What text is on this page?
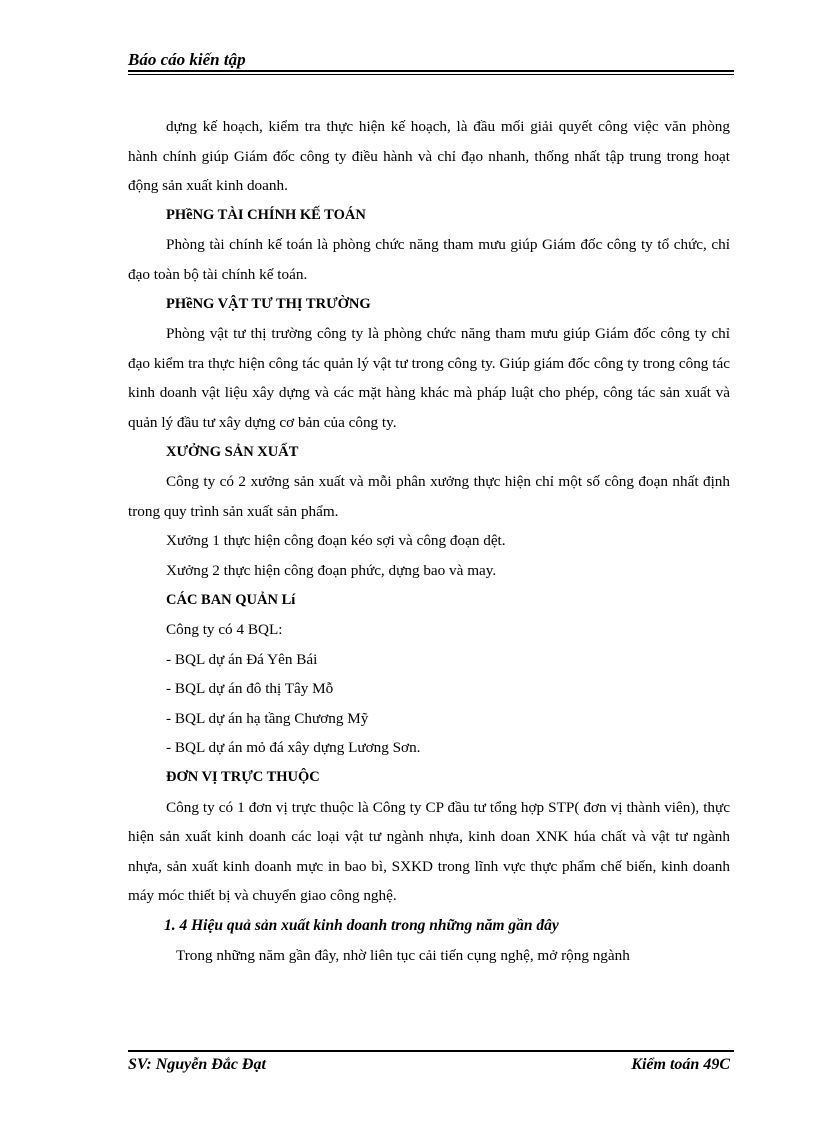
Báo cáo kiến tập

dựng kế hoạch, kiểm tra thực hiện kế hoạch, là đầu mối giải quyết công việc văn phòng hành chính giúp Giám đốc công ty điều hành và chỉ đạo nhanh, thống nhất tập trung trong hoạt động sản xuất kinh doanh.

PHềNG TÀI CHÍNH KẾ TOÁN

Phòng tài chính kế toán là phòng chức năng tham mưu giúp Giám đốc công ty tổ chức, chỉ đạo toàn bộ tài chính kế toán.

PHềNG VẬT TƯ THỊ TRƯỜNG

Phòng vật tư thị trường công ty là phòng chức năng tham mưu giúp Giám đốc công ty chỉ đạo kiểm tra thực hiện công tác quản lý vật tư trong công ty. Giúp giám đốc công ty trong công tác kinh doanh vật liệu xây dựng và các mặt hàng khác mà pháp luật cho phép, công tác sản xuất và quản lý đầu tư xây dựng cơ bản của công ty.

XƯỞNG SẢN XUẤT

Công ty có 2 xưởng sản xuất và mỗi phân xưởng thực hiện chỉ một số công đoạn nhất định trong quy trình sản xuất sản phẩm.

Xưởng 1 thực hiện công đoạn kéo sợi và công đoạn dệt.

Xưởng 2 thực hiện công đoạn phức, dựng bao và may.

CÁC BAN QUẢN Lí

Công ty có 4 BQL:

- BQL dự án Đá Yên Bái

- BQL dự án đô thị Tây Mỗ

- BQL dự án hạ tầng Chương Mỹ

- BQL dự án mỏ đá xây dựng Lương Sơn.

ĐƠN VỊ TRỰC THUỘC

Công ty có 1 đơn vị trực thuộc là Công ty CP đầu tư tổng hợp STP( đơn vị thành viên), thực hiện sản xuất kinh doanh các loại vật tư ngành nhựa, kinh doan XNK húa chất và vật tư ngành nhựa, sản xuất kinh doanh mực in bao bì, SXKD trong lĩnh vực thực phẩm chế biến, kinh doanh máy móc thiết bị và chuyển giao công nghệ.

1. 4 Hiệu quả sản xuất kinh doanh trong những năm gần đây

Trong những năm gần đây, nhờ liên tục cải tiến cụng nghệ, mở rộng ngành

SV: Nguyễn Đắc Đạt	Kiểm toán 49C
